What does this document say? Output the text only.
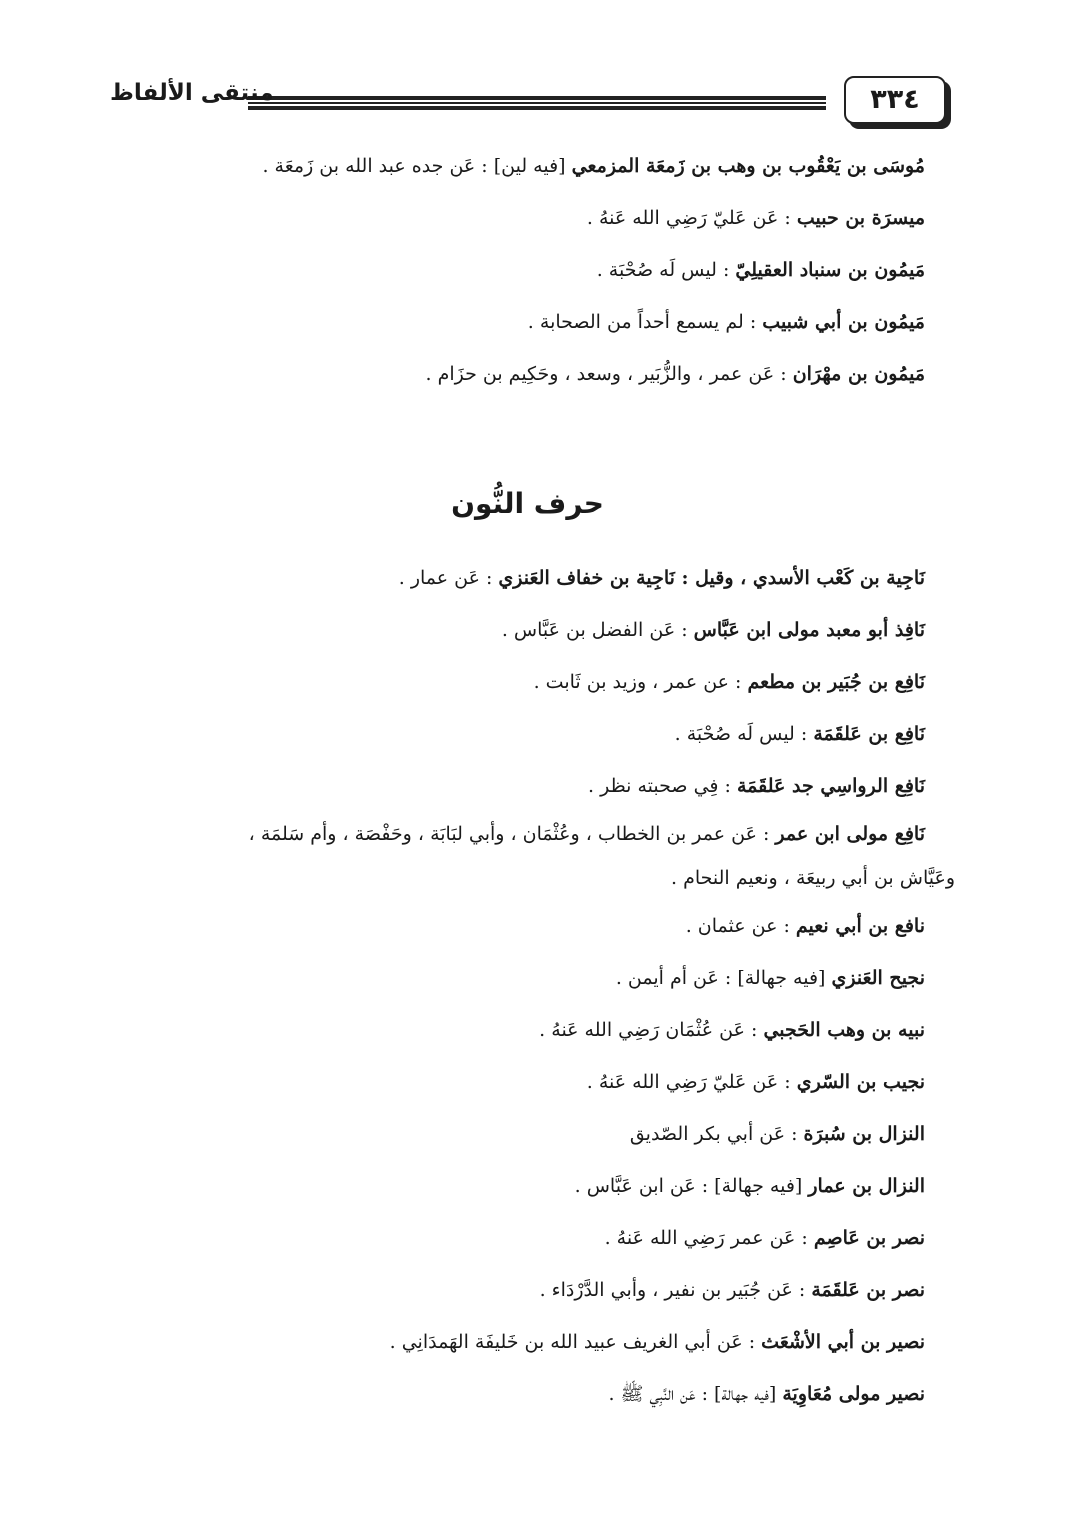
٣٣٤
منتقى الألفاظ
مُوسَى بن يَعْقُوب بن وهب بن زَمعَة المزمعي [فيه لين] : عَن جده عبد الله بن زَمعَة .
ميسرَة بن حبيب : عَن عَليّ رَضِي الله عَنهُ .
مَيمُون بن سنباد العقيلِيّ : ليس لَه صُحْبَة .
مَيمُون بن أبي شبيب : لم يسمع أحداً من الصحابة .
مَيمُون بن مهْرَان : عَن عمر ، والزُّبَير ، وسعد ، وحَكِيم بن حزَام .
حرف النُّون
نَاجِية بن كَعْب الأسدي ، وقيل : نَاجِية بن خفاف العَنزي : عَن عمار .
نَافِذ أبو معبد مولى ابن عَبَّاس : عَن الفضل بن عَبَّاس .
نَافِع بن جُبَير بن مطعم : عن عمر ، وزيد بن ثَابت .
نَافِع بن عَلقَمَة : ليس لَه صُحْبَة .
نَافِع الرواسِي جد عَلقَمَة : فِي صحبته نظر .
نَافِع مولى ابن عمر : عَن عمر بن الخطاب ، وعُثْمَان ، وأبي لبَابَة ، وحَفْصَة ، وأم سَلمَة ،
وعَيَّاش بن أبي ربيعَة ، ونعيم النحام .
نافع بن أبي نعيم : عن عثمان .
نجيح العَنزي [فيه جهالة] : عَن أم أيمن .
نبيه بن وهب الحَجبي : عَن عُثْمَان رَضِي الله عَنهُ .
نجيب بن السّري : عَن عَليّ رَضِي الله عَنهُ .
النزال بن سُبرَة : عَن أبي بكر الصّديق
النزال بن عمار [فيه جهالة] : عَن ابن عَبَّاس .
نصر بن عَاصِم : عَن عمر رَضِي الله عَنهُ .
نصر بن عَلقَمَة : عَن جُبَير بن نفير ، وأبي الدَّرْدَاء .
نصير بن أبي الأشْعَث : عَن أبي الغريف عبيد الله بن خَليفَة الهَمدَانِي .
نصير مولى مُعَاوِيَة [فيه جهالة] : عَن النَّبِي ﷺ .
